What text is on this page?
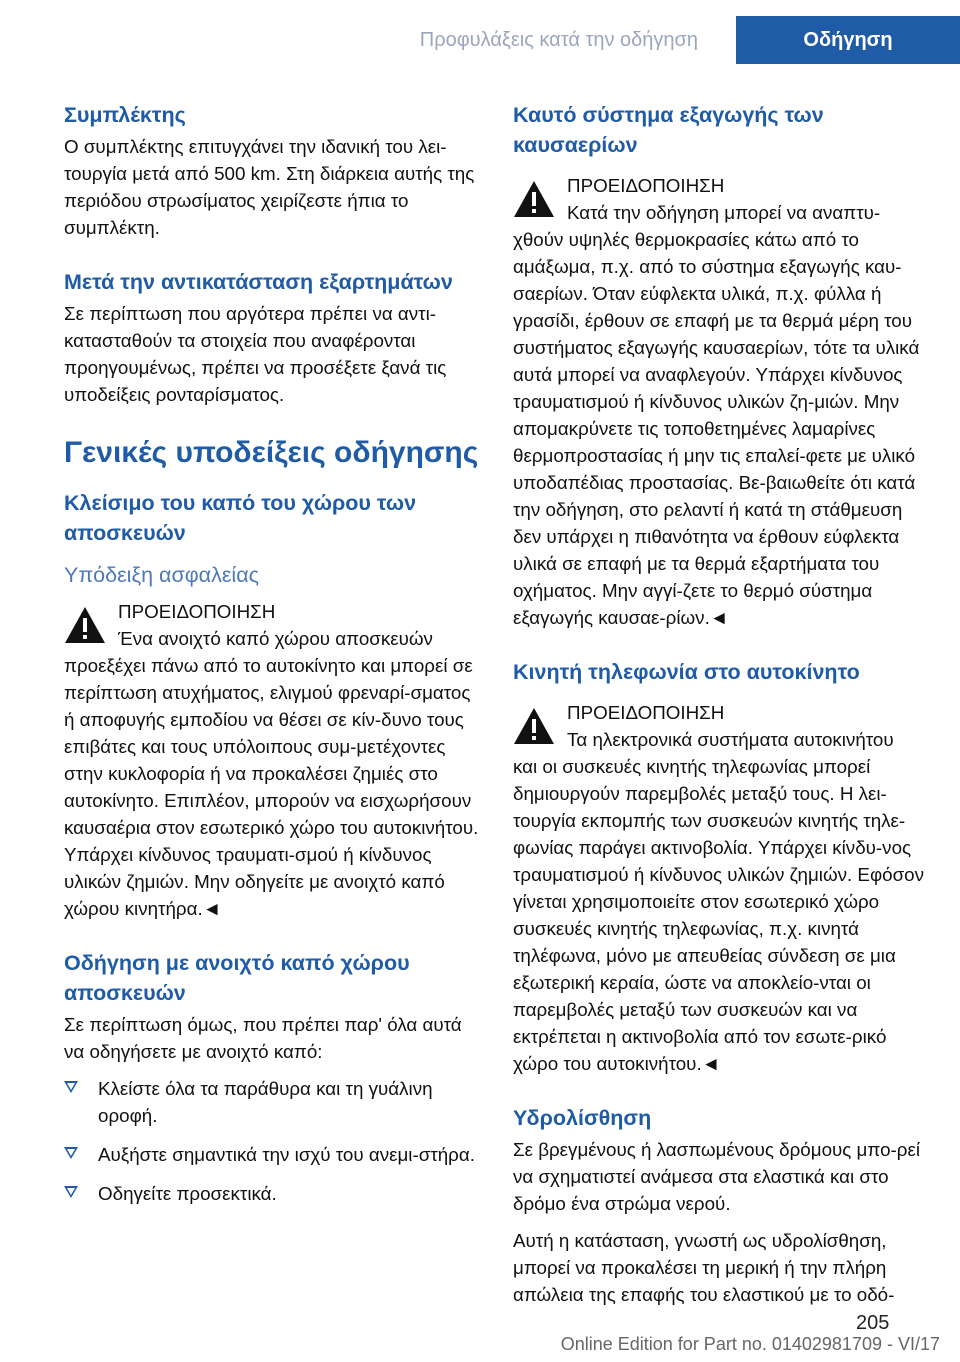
Προφυλάξεις κατά την οδήγηση	Οδήγηση
Συμπλέκτης
Ο συμπλέκτης επιτυγχάνει την ιδανική του λει-τουργία μετά από 500 km. Στη διάρκεια αυτής της περιόδου στρωσίματος χειρίζεστε ήπια το συμπλέκτη.
Μετά την αντικατάσταση εξαρτημάτων
Σε περίπτωση που αργότερα πρέπει να αντι-κατασταθούν τα στοιχεία που αναφέρονται προηγουμένως, πρέπει να προσέξετε ξανά τις υποδείξεις ρονταρίσματος.
Γενικές υποδείξεις οδήγησης
Κλείσιμο του καπό του χώρου των αποσκευών
Υπόδειξη ασφαλείας
ΠΡΟΕΙΔΟΠΟΙΗΣΗ
Ένα ανοιχτό καπό χώρου αποσκευών
προεξέχει πάνω από το αυτοκίνητο και μπορεί σε περίπτωση ατυχήματος, ελιγμού φρεναρί-σματος ή αποφυγής εμποδίου να θέσει σε κίν-δυνο τους επιβάτες και τους υπόλοιπους συμ-μετέχοντες στην κυκλοφορία ή να προκαλέσει ζημιές στο αυτοκίνητο. Επιπλέον, μπορούν να εισχωρήσουν καυσαέρια στον εσωτερικό χώρο του αυτοκινήτου. Υπάρχει κίνδυνος τραυματι-σμού ή κίνδυνος υλικών ζημιών. Μην οδηγείτε με ανοιχτό καπό χώρου κινητήρα.◄
Οδήγηση με ανοιχτό καπό χώρου αποσκευών
Σε περίπτωση όμως, που πρέπει παρ' όλα αυτά να οδηγήσετε με ανοιχτό καπό:
Κλείστε όλα τα παράθυρα και τη γυάλινη οροφή.
Αυξήστε σημαντικά την ισχύ του ανεμι-στήρα.
Οδηγείτε προσεκτικά.
Καυτό σύστημα εξαγωγής των καυσαερίων
ΠΡΟΕΙΔΟΠΟΙΗΣΗ
Κατά την οδήγηση μπορεί να αναπτυ-
χθούν υψηλές θερμοκρασίες κάτω από το αμάξωμα, π.χ. από το σύστημα εξαγωγής καυ-σαερίων. Όταν εύφλεκτα υλικά, π.χ. φύλλα ή γρασίδι, έρθουν σε επαφή με τα θερμά μέρη του συστήματος εξαγωγής καυσαερίων, τότε τα υλικά αυτά μπορεί να αναφλεγούν. Υπάρχει κίνδυνος τραυματισμού ή κίνδυνος υλικών ζη-μιών. Μην απομακρύνετε τις τοποθετημένες λαμαρίνες θερμοπροστασίας ή μην τις επαλεί-φετε με υλικό υποδαπέδιας προστασίας. Βε-βαιωθείτε ότι κατά την οδήγηση, στο ρελαντί ή κατά τη στάθμευση δεν υπάρχει η πιθανότητα να έρθουν εύφλεκτα υλικά σε επαφή με τα θερμά εξαρτήματα του οχήματος. Μην αγγί-ζετε το θερμό σύστημα εξαγωγής καυσαε-ρίων.◄
Κινητή τηλεφωνία στο αυτοκίνητο
ΠΡΟΕΙΔΟΠΟΙΗΣΗ
Τα ηλεκτρονικά συστήματα αυτοκινήτου
και οι συσκευές κινητής τηλεφωνίας μπορεί δημιουργούν παρεμβολές μεταξύ τους. Η λει-τουργία εκπομπής των συσκευών κινητής τηλε-φωνίας παράγει ακτινοβολία. Υπάρχει κίνδυ-νος τραυματισμού ή κίνδυνος υλικών ζημιών. Εφόσον γίνεται χρησιμοποιείτε στον εσωτερικό χώρο συσκευές κινητής τηλεφωνίας, π.χ. κινητά τηλέφωνα, μόνο με απευθείας σύνδεση σε μια εξωτερική κεραία, ώστε να αποκλείο-νται οι παρεμβολές μεταξύ των συσκευών και να εκτρέπεται η ακτινοβολία από τον εσωτε-ρικό χώρο του αυτοκινήτου.◄
Υδρολίσθηση
Σε βρεγμένους ή λασπωμένους δρόμους μπο-ρεί να σχηματιστεί ανάμεσα στα ελαστικά και στο δρόμο ένα στρώμα νερού.
Αυτή η κατάσταση, γνωστή ως υδρολίσθηση, μπορεί να προκαλέσει τη μερική ή την πλήρη απώλεια της επαφής του ελαστικού με το οδό-
205
Online Edition for Part no. 01402981709 - VI/17
